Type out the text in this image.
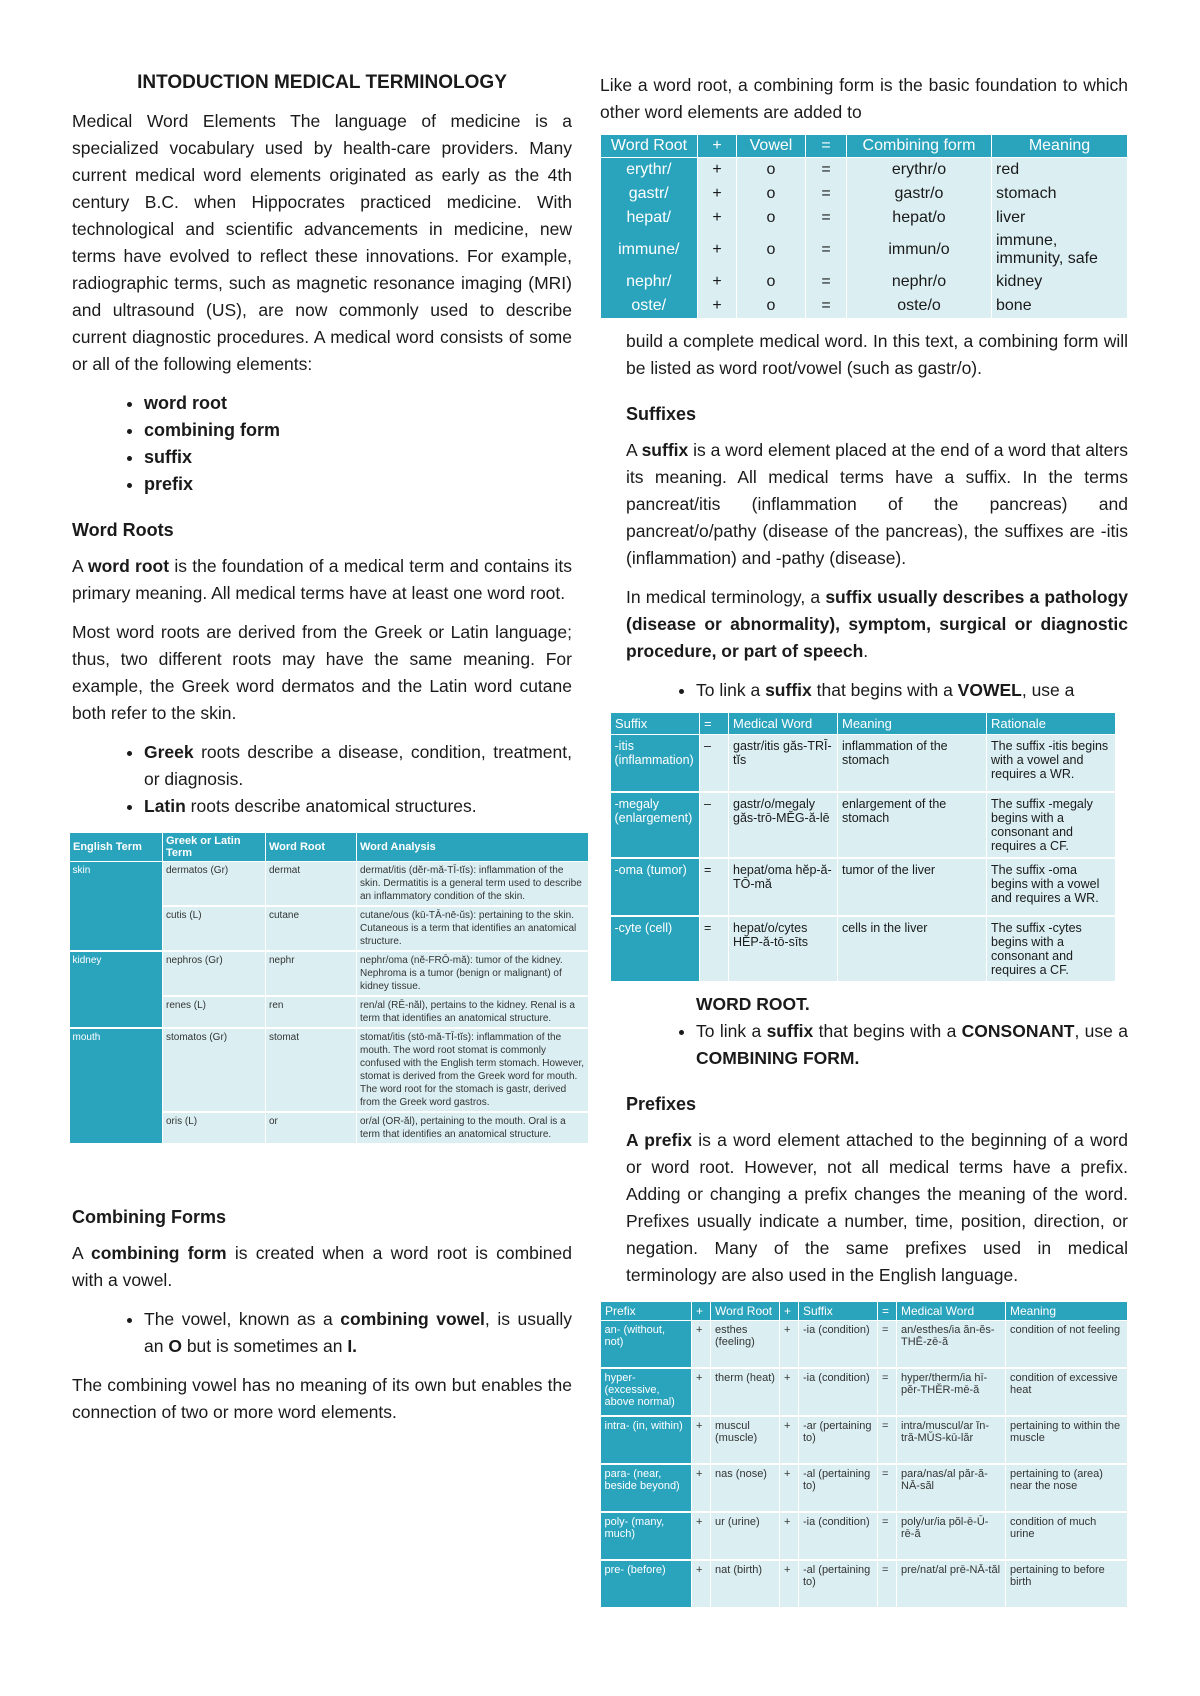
INTODUCTION MEDICAL TERMINOLOGY

Medical Word Elements The language of medicine is a specialized vocabulary used by health-care providers. Many current medical word elements originated as early as the 4th century B.C. when Hippocrates practiced medicine. With technological and scientific advancements in medicine, new terms have evolved to reflect these innovations. For example, radiographic terms, such as magnetic resonance imaging (MRI) and ultrasound (US), are now commonly used to describe current diagnostic procedures. A medical word consists of some or all of the following elements:

• word root
• combining form
• suffix
• prefix
Word Roots

A word root is the foundation of a medical term and contains its primary meaning. All medical terms have at least one word root.

Most word roots are derived from the Greek or Latin language; thus, two different roots may have the same meaning. For example, the Greek word dermatos and the Latin word cutane both refer to the skin.

• Greek roots describe a disease, condition, treatment, or diagnosis.
• Latin roots describe anatomical structures.
English Term	Greek or Latin Term	Word Root	Word Analysis
skin	dermatos (Gr)	dermat	dermat/itis (dĕr-mă-TĪ-tĭs): inflammation of the skin. Dermatitis is a general term used to describe an inflammatory condition of the skin.
	cutis (L)	cutane	cutane/ous (kū-TĀ-nē-ŭs): pertaining to the skin. Cutaneous is a term that identifies an anatomical structure.
kidney	nephros (Gr)	nephr	nephr/oma (nĕ-FRŌ-mă): tumor of the kidney. Nephroma is a tumor (benign or malignant) of kidney tissue.
	renes (L)	ren	ren/al (RĒ-năl), pertains to the kidney. Renal is a term that identifies an anatomical structure.
mouth	stomatos (Gr)	stomat	stomat/itis (stō-mă-TĪ-tĭs): inflammation of the mouth. The word root stomat is commonly confused with the English term stomach. However, stomat is derived from the Greek word for mouth. The word root for the stomach is gastr, derived from the Greek word gastros.
	oris (L)	or	or/al (OR-ăl), pertaining to the mouth. Oral is a term that identifies an anatomical structure.
Combining Forms

A combining form is created when a word root is combined with a vowel.

• The vowel, known as a combining vowel, is usually an O but is sometimes an I.

The combining vowel has no meaning of its own but enables the connection of two or more word elements.

Like a word root, a combining form is the basic foundation to which other word elements are added to

Word Root	+	Vowel	=	Combining form	Meaning
erythr/	+	o	=	erythr/o	red
gastr/	+	o	=	gastr/o	stomach
hepat/	+	o	=	hepat/o	liver
immune/	+	o	=	immun/o	immune, immunity, safe
nephr/	+	o	=	nephr/o	kidney
oste/	+	o	=	oste/o	bone

build a complete medical word. In this text, a combining form will be listed as word root/vowel (such as gastr/o).

Suffixes

A suffix is a word element placed at the end of a word that alters its meaning. All medical terms have a suffix. In the terms pancreat/itis (inflammation of the pancreas) and pancreat/o/pathy (disease of the pancreas), the suffixes are -itis (inflammation) and -pathy (disease).

In medical terminology, a suffix usually describes a pathology (disease or abnormality), symptom, surgical or diagnostic procedure, or part of speech.

• To link a suffix that begins with a VOWEL, use a
Suffix	=	Medical Word	Meaning	Rationale
-itis (inflammation)	–	gastr/itis găs-TRĪ-tĭs	inflammation of the stomach	The suffix -itis begins with a vowel and requires a WR.
-megaly (enlargement)	–	gastr/o/megaly găs-trō-MĔG-ă-lē	enlargement of the stomach	The suffix -megaly begins with a consonant and requires a CF.
-oma (tumor)	=	hepat/oma hĕp-ă-TŌ-mă	tumor of the liver	The suffix -oma begins with a vowel and requires a WR.
-cyte (cell)	=	hepat/o/cytes HĔP-ă-tō-sīts	cells in the liver	The suffix -cytes begins with a consonant and requires a CF.

WORD ROOT.

• To link a suffix that begins with a CONSONANT, use a COMBINING FORM.
Prefixes

A prefix is a word element attached to the beginning of a word or word root. However, not all medical terms have a prefix. Adding or changing a prefix changes the meaning of the word. Prefixes usually indicate a number, time, position, direction, or negation. Many of the same prefixes used in medical terminology are also used in the English language.

Prefix	+	Word Root	+	Suffix	=	Medical Word	Meaning
an- (without, not)	+	esthes (feeling)	+	-ia (condition)	=	an/esthes/ia ăn-ĕs-THĒ-zē-ă	condition of not feeling
hyper- (excessive, above normal)	+	therm (heat)	+	-ia (condition)	=	hyper/therm/ia hī-pĕr-THĔR-mē-ă	condition of excessive heat
intra- (in, within)	+	muscul (muscle)	+	-ar (pertaining to)	=	intra/muscul/ar ĭn-tră-MŬS-kū-lăr	pertaining to within the muscle
para- (near, beside beyond)	+	nas (nose)	+	-al (pertaining to)	=	para/nas/al păr-ă-NĀ-săl	pertaining to (area) near the nose
poly- (many, much)	+	ur (urine)	+	-ia (condition)	=	poly/ur/ia pŏl-ē-Ū-rē-ă	condition of much urine
pre- (before)	+	nat (birth)	+	-al (pertaining to)	=	pre/nat/al prē-NĀ-tăl	pertaining to before birth
